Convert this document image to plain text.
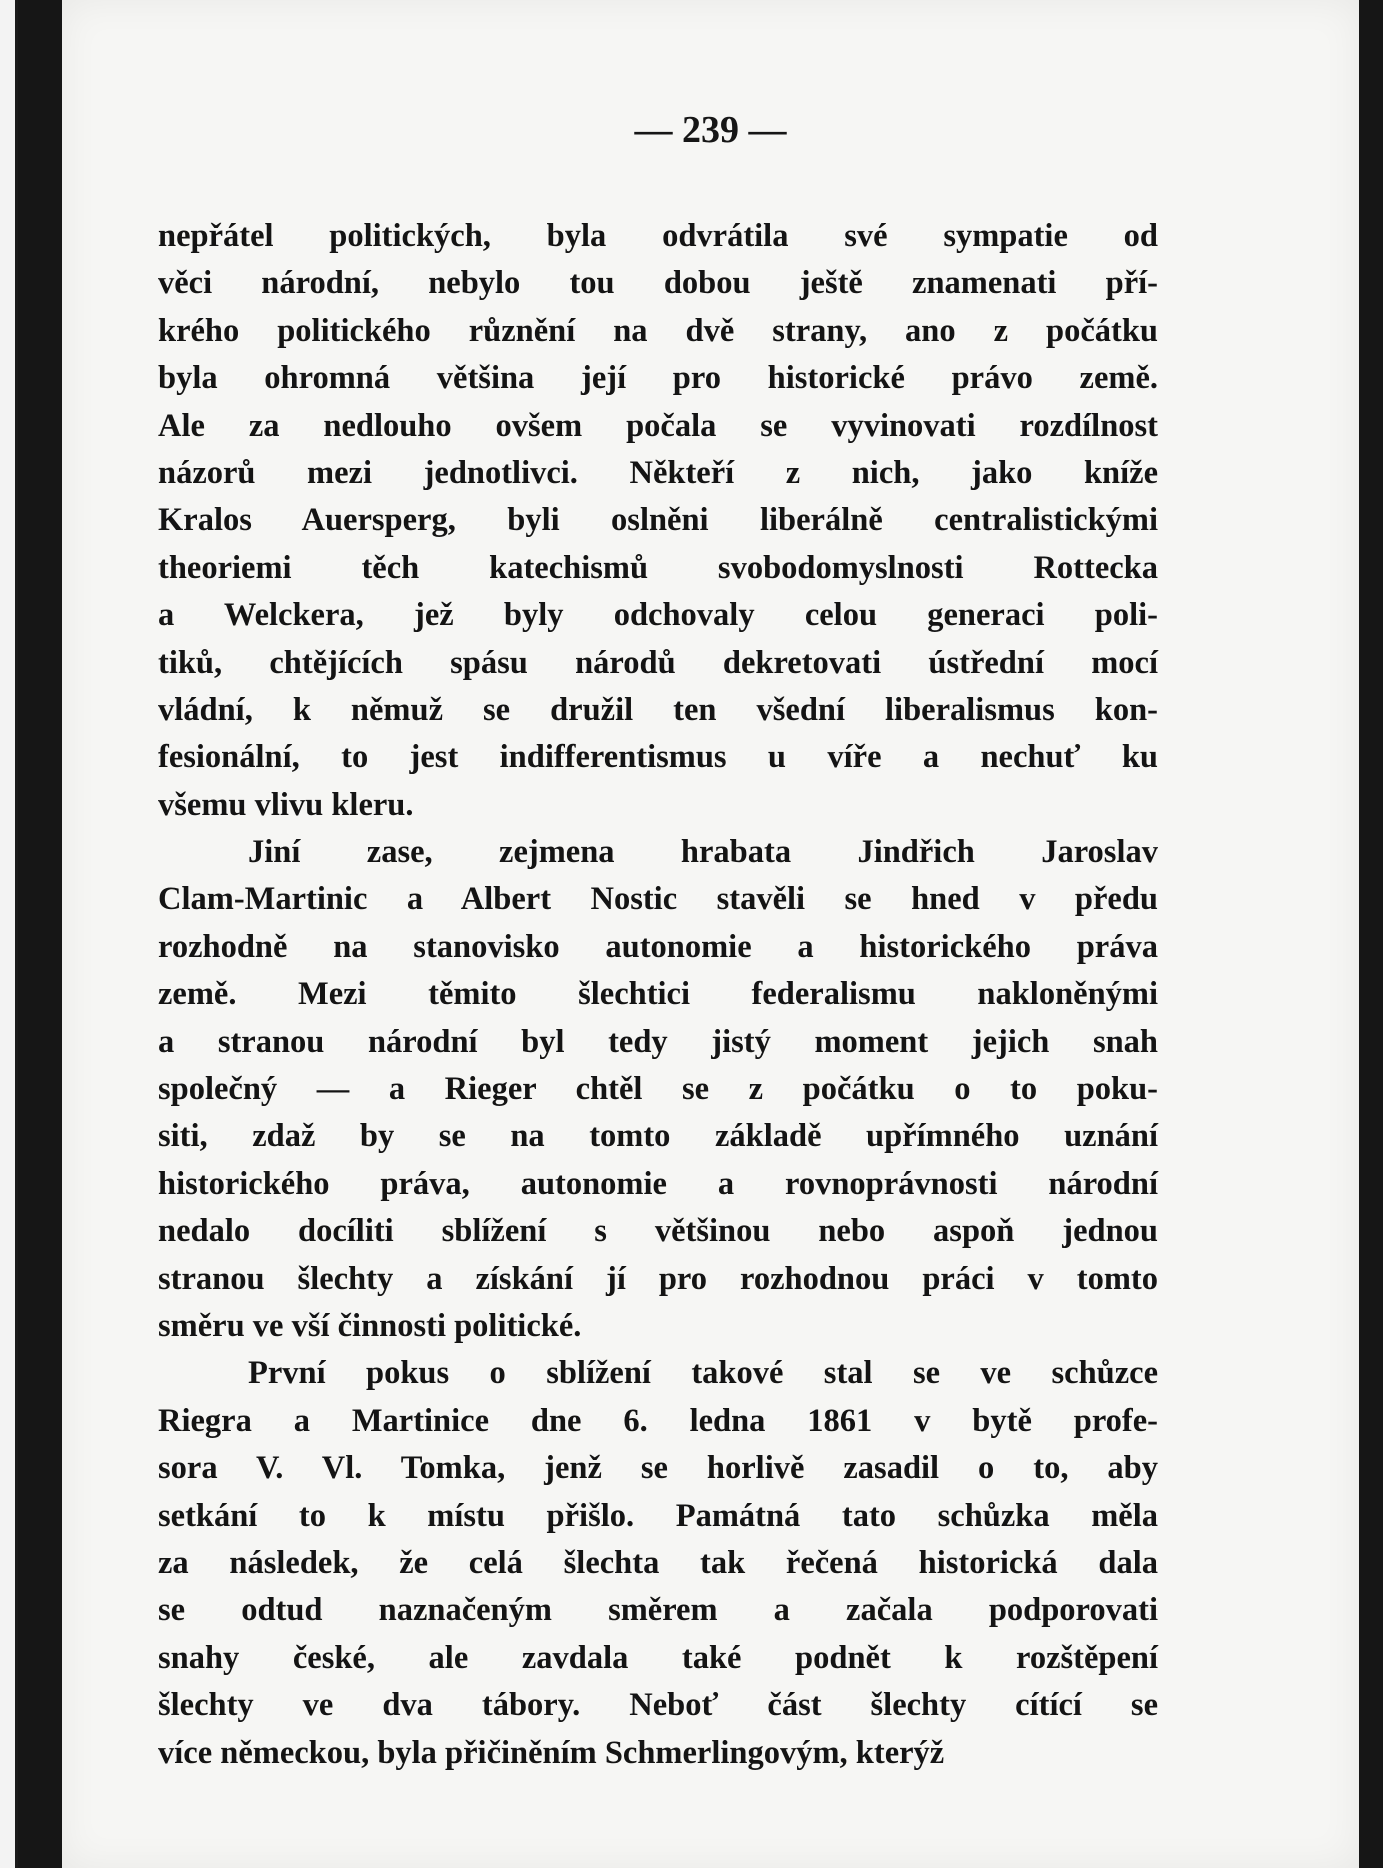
— 239 —
nepřátel politických, byla odvrátila své sympatie od
věci národní, nebylo tou dobou ještě znamenati pří-
krého politického různění na dvě strany, ano z počátku
byla ohromná většina její pro historické právo země.
Ale za nedlouho ovšem počala se vyvinovati rozdílnost
názorů mezi jednotlivci. Někteří z nich, jako kníže
Kralos Auersperg, byli oslněni liberálně centralistickými
theoriemi těch katechismů svobodomyslnosti Rottecka
a Welckera, jež byly odchovaly celou generaci poli-
tiků, chtějících spásu národů dekretovati ústřední mocí
vládní, k němuž se družil ten všední liberalismus kon-
fesionální, to jest indifferentismus u víře a nechuť ku
všemu vlivu kleru.
Jiní zase, zejmena hrabata Jindřich Jaroslav
Clam-Martinic a Albert Nostic stavěli se hned v předu
rozhodně na stanovisko autonomie a historického práva
země. Mezi těmito šlechtici federalismu nakloněnými
a stranou národní byl tedy jistý moment jejich snah
společný — a Rieger chtěl se z počátku o to poku-
siti, zdaž by se na tomto základě upřímného uznání
historického práva, autonomie a rovnoprávnosti národní
nedalo docíliti sblížení s většinou nebo aspoň jednou
stranou šlechty a získání jí pro rozhodnou práci v tomto
směru ve vší činnosti politické.
První pokus o sblížení takové stal se ve schůzce
Riegra a Martinice dne 6. ledna 1861 v bytě profe-
sora V. Vl. Tomka, jenž se horlivě zasadil o to, aby
setkání to k místu přišlo. Památná tato schůzka měla
za následek, že celá šlechta tak řečená historická dala
se odtud naznačeným směrem a začala podporovati
snahy české, ale zavdala také podnět k rozštěpení
šlechty ve dva tábory. Neboť část šlechty cítící se
více německou, byla přičiněním Schmerlingovým, kterýž
